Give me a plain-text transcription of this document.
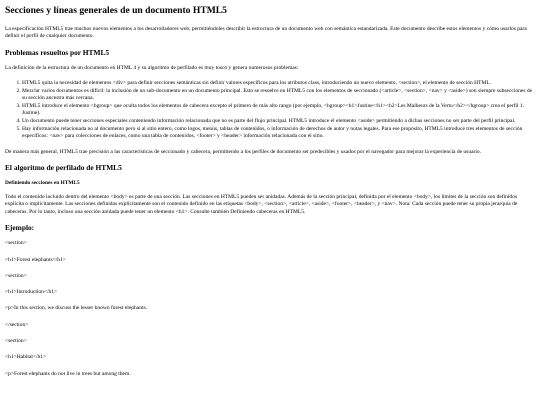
Secciones y líneas generales de un documento HTML5

La especificación HTML5 trae muchos nuevos elementos a los desarrolladores web, permitiéndoles describir la estructura de un documento web con semántica estandarizada. Este documento describe estos elementos y cómo usarlos para definir el perfil de cualquier documento.

Problemas resueltos por HTML5

La definición de la estructura de un documento en HTML 4 y su algoritmo de perfilado es muy tosco y genera numerosos problemas:

1. HTML5 quita la necesidad de elementos <div> para definir secciones semánticas sin definir valores específicos para los atributos class, introduciendo un nuevo elemento, <section>, el elemento de sección HTML.
2. Mezclar varios documentos es difícil: la inclusión de un sub-documento en un documento principal. Esto se resuelve en HTML5 con los elementos de seccionado (<article>, <section>, <nav> y <aside>) son siempre subsecciones de su sección ancestra más cercana.
3. HTML5 introduce el elemento <hgroup> que oculta todos los elementos de cabecera excepto el primero de más alto rango (por ejemplo, <hgroup><h1>Justine</h1><h2>Les Malheurs de la Vertu</h2></hgroup> crea el perfil 1. Justine).
4. Un documento puede tener secciones especiales conteniendo información relacionada que no es parte del flujo principal. HTML5 introduce el elemento <aside> permitiendo a dichas secciones no ser parte del perfil principal.
5. Hay información relacionada no al documento pero sí al sitio entero, como logos, menús, tablas de contenidos, o información de derechos de autor y notas legales. Para ese propósito, HTML5 introduce tres elementos de sección específicos: <nav> para colecciones de enlaces, como una tabla de contenidos, <footer> y <header> información relacionada con el sitio.

De manera más general, HTML5 trae precisión a las características de seccionado y cabecera, permitiendo a los perfiles de documento ser predecibles y usados por el navegador para mejorar la experiencia de usuario.

El algoritmo de perfilado de HTML5
Definiendo secciones en HTML5

Todo el contenido incluido dentro del elemento <body> es parte de una sección. Las secciones en HTML5 pueden ser anidadas. Además de la sección principal, definida por el elemento <body>, los límites de la sección son definidos explícita o implícitamente. Las secciones definidas explícitamente son el contenido definido en las etiquetas <body>, <section>, <article>, <aside>, <footer>, <header>, y <nav>. Nota: Cada sección puede tener su propia jerarquía de cabeceras. Por lo tanto, incluso una sección anidada puede tener un elemento <h1>. Consulte también Definiendo cabeceras en HTML5.

Ejemplo:
<section>
<h1>Forest elephants</h1>
<section>
<h1>Introduction</h1>
<p>In this section, we discuss the lesser known forest elephants.
</section>
<section>
<h1>Habitat</h1>
<p>Forest elephants do not live in trees but among them.
